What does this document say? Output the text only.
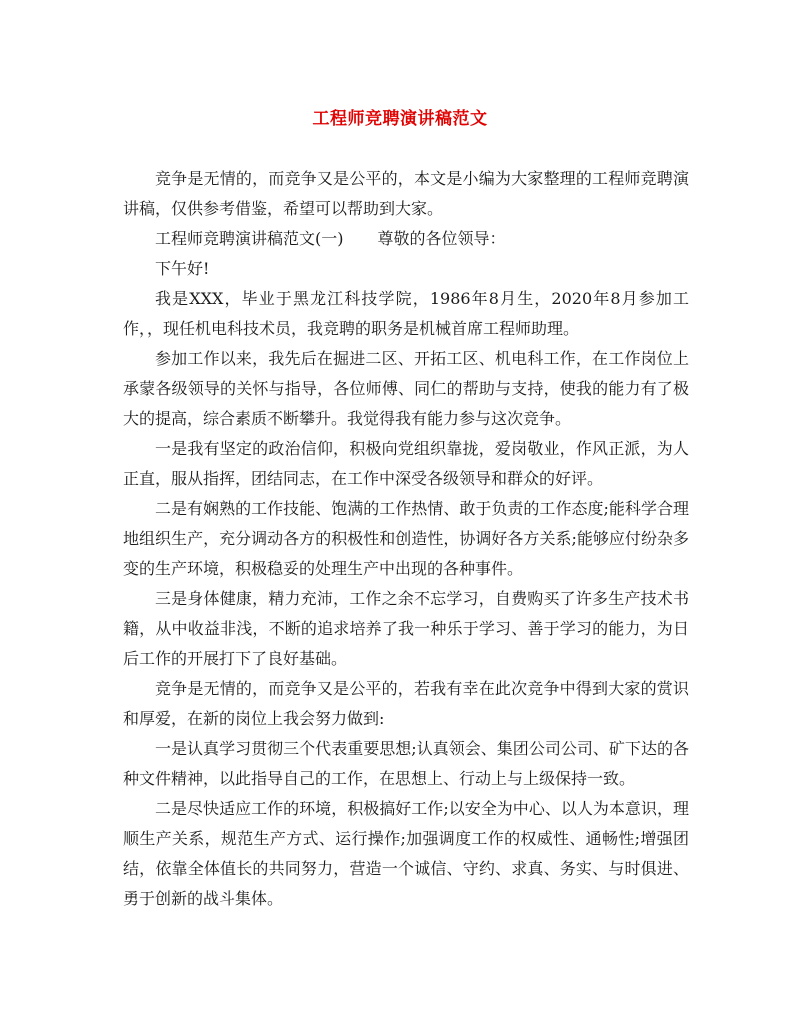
工程师竞聘演讲稿范文

竞争是无情的，而竞争又是公平的，本文是小编为大家整理的工程师竞聘演讲稿，仅供参考借鉴，希望可以帮助到大家。

工程师竞聘演讲稿范文(一) 尊敬的各位领导：

下午好!

我是XXX，毕业于黑龙江科技学院，1986年8月生，2020年8月参加工作，，现任机电科技术员，我竞聘的职务是机械首席工程师助理。

参加工作以来，我先后在掘进二区、开拓工区、机电科工作，在工作岗位上承蒙各级领导的关怀与指导，各位师傅、同仁的帮助与支持，使我的能力有了极大的提高，综合素质不断攀升。我觉得我有能力参与这次竞争。

一是我有坚定的政治信仰，积极向党组织靠拢，爱岗敬业，作风正派，为人正直，服从指挥，团结同志，在工作中深受各级领导和群众的好评。

二是有娴熟的工作技能、饱满的工作热情、敢于负责的工作态度;能科学合理地组织生产，充分调动各方的积极性和创造性，协调好各方关系;能够应付纷杂多变的生产环境，积极稳妥的处理生产中出现的各种事件。

三是身体健康，精力充沛，工作之余不忘学习，自费购买了许多生产技术书籍，从中收益非浅，不断的追求培养了我一种乐于学习、善于学习的能力，为日后工作的开展打下了良好基础。

竞争是无情的，而竞争又是公平的，若我有幸在此次竞争中得到大家的赏识和厚爱，在新的岗位上我会努力做到:

一是认真学习贯彻三个代表重要思想;认真领会、集团公司公司、矿下达的各种文件精神，以此指导自己的工作，在思想上、行动上与上级保持一致。

二是尽快适应工作的环境，积极搞好工作;以安全为中心、以人为本意识，理顺生产关系，规范生产方式、运行操作;加强调度工作的权威性、通畅性;增强团结，依靠全体值长的共同努力，营造一个诚信、守约、求真、务实、与时俱进、勇于创新的战斗集体。
